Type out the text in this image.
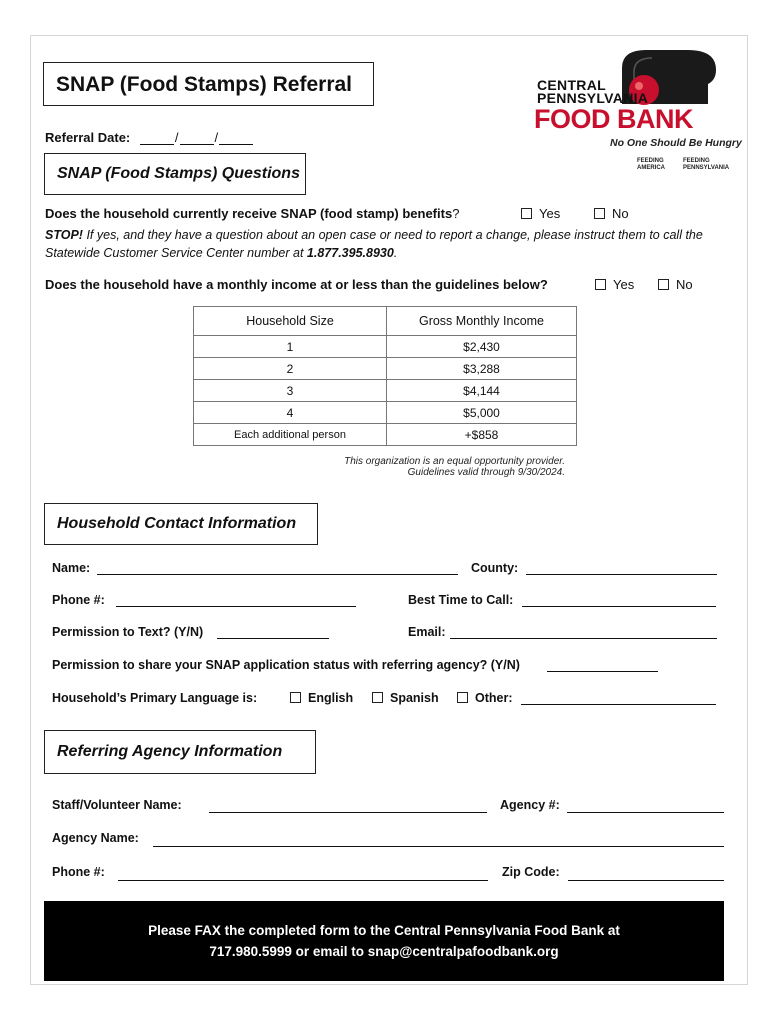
SNAP (Food Stamps) Referral
Referral Date:	/	/
CENTRAL
PENNSYLVANIA
FOOD BANK
No One Should Be Hungry
FEEDING AMERICA
FEEDING PENNSYLVANIA
SNAP (Food Stamps) Questions
Does the household currently receive SNAP (food stamp) benefits?	Yes	No
STOP! If yes, and they have a question about an open case or need to report a change, please instruct them to call the Statewide Customer Service Center number at 1.877.395.8930.
Does the household have a monthly income at or less than the guidelines below?	Yes	No
Household Size	Gross Monthly Income
1	$2,430
2	$3,288
3	$4,144
4	$5,000
Each additional person	+$858
This organization is an equal opportunity provider.
Guidelines valid through 9/30/2024.
Household Contact Information
Name:	County:
Phone #:	Best Time to Call:
Permission to Text? (Y/N)	Email:
Permission to share your SNAP application status with referring agency? (Y/N)
Household’s Primary Language is:	English	Spanish	Other:
Referring Agency Information
Staff/Volunteer Name:	Agency #:
Agency Name:
Phone #:	Zip Code:
Please FAX the completed form to the Central Pennsylvania Food Bank at
717.980.5999 or email to snap@centralpafoodbank.org
